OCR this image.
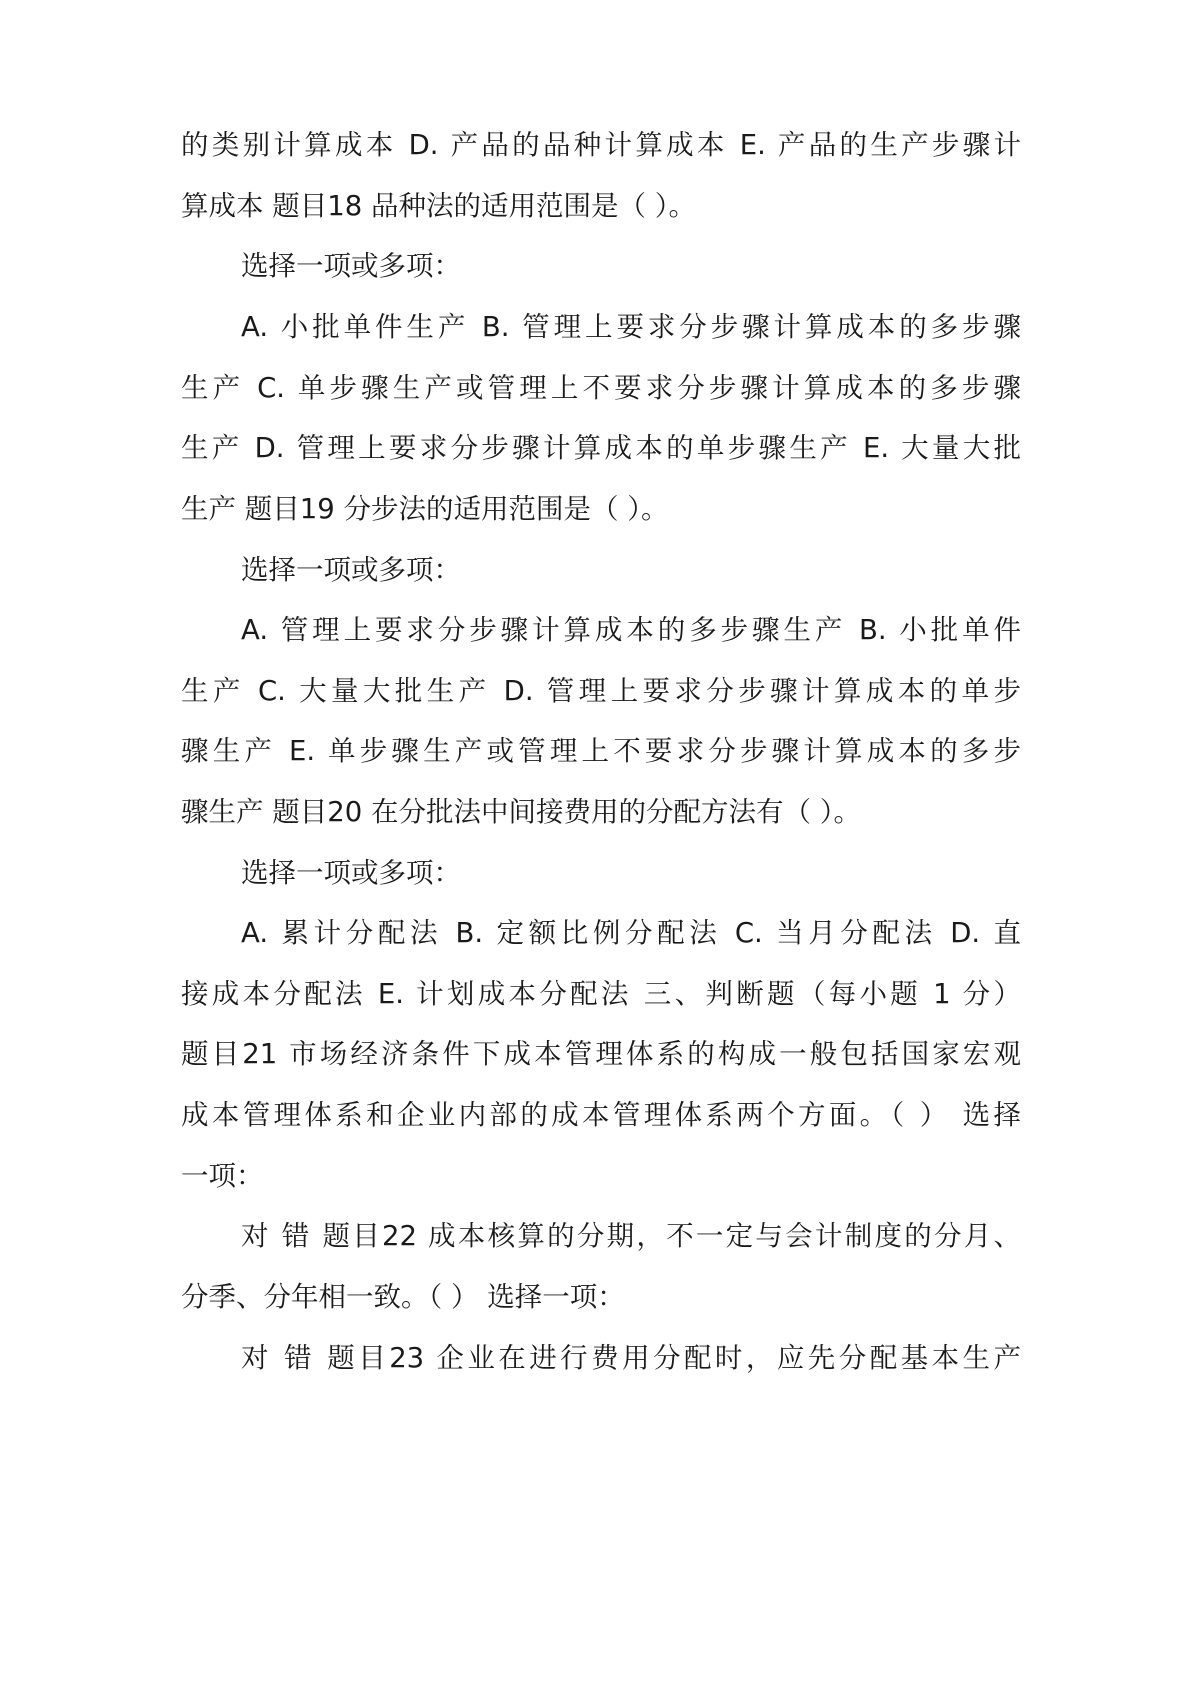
的类别计算成本 D. 产品的品种计算成本 E. 产品的生产步骤计

算成本 题目18 品种法的适用范围是（ ）。

选择一项或多项：

A. 小批单件生产 B. 管理上要求分步骤计算成本的多步骤

生产 C. 单步骤生产或管理上不要求分步骤计算成本的多步骤

生产 D. 管理上要求分步骤计算成本的单步骤生产 E. 大量大批

生产 题目19 分步法的适用范围是（ ）。

选择一项或多项：

A. 管理上要求分步骤计算成本的多步骤生产 B. 小批单件

生产 C. 大量大批生产 D. 管理上要求分步骤计算成本的单步

骤生产 E. 单步骤生产或管理上不要求分步骤计算成本的多步

骤生产 题目20 在分批法中间接费用的分配方法有（ ）。

选择一项或多项：

A. 累计分配法 B. 定额比例分配法 C. 当月分配法 D. 直

接成本分配法 E. 计划成本分配法 三、判断题（每小题 1 分）

题目21 市场经济条件下成本管理体系的构成一般包括国家宏观

成本管理体系和企业内部的成本管理体系两个方面。（ ） 选择

一项：

对 错 题目22 成本核算的分期，不一定与会计制度的分月、

分季、分年相一致。（ ） 选择一项：

对 错 题目23 企业在进行费用分配时，应先分配基本生产
